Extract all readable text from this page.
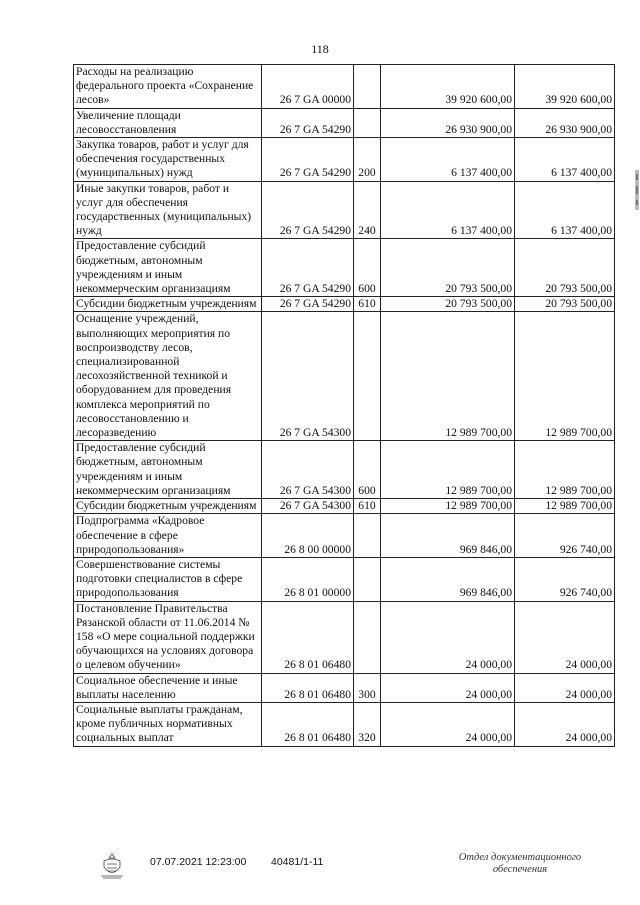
118
Расходы на реализацию федерального проекта «Сохранение лесов»	26 7 GA 00000		39 920 600,00	39 920 600,00
Увеличение площади лесовосстановления	26 7 GA 54290		26 930 900,00	26 930 900,00
Закупка товаров, работ и услуг для обеспечения государственных (муниципальных) нужд	26 7 GA 54290	200	6 137 400,00	6 137 400,00
Иные закупки товаров, работ и услуг для обеспечения государственных (муниципальных) нужд	26 7 GA 54290	240	6 137 400,00	6 137 400,00
Предоставление субсидий бюджетным, автономным учреждениям и иным некоммерческим организациям	26 7 GA 54290	600	20 793 500,00	20 793 500,00
Субсидии бюджетным учреждениям	26 7 GA 54290	610	20 793 500,00	20 793 500,00
Оснащение учреждений, выполняющих мероприятия по воспроизводству лесов, специализированной лесохозяйственной техникой и оборудованием для проведения комплекса мероприятий по лесовосстановлению и лесоразведению	26 7 GA 54300		12 989 700,00	12 989 700,00
Предоставление субсидий бюджетным, автономным учреждениям и иным некоммерческим организациям	26 7 GA 54300	600	12 989 700,00	12 989 700,00
Субсидии бюджетным учреждениям	26 7 GA 54300	610	12 989 700,00	12 989 700,00
Подпрограмма «Кадровое обеспечение в сфере природопользования»	26 8 00 00000		969 846,00	926 740,00
Совершенствование системы подготовки специалистов в сфере природопользования	26 8 01 00000		969 846,00	926 740,00
Постановление Правительства Рязанской области от 11.06.2014 № 158 «О мере социальной поддержки обучающихся на условиях договора о целевом обучении»	26 8 01 06480		24 000,00	24 000,00
Социальное обеспечение и иные выплаты населению	26 8 01 06480	300	24 000,00	24 000,00
Социальные выплаты гражданам, кроме публичных нормативных социальных выплат	26 8 01 06480	320	24 000,00	24 000,00
07.07.2021 12:23:00 40481/1-11	Отдел документационного
обеспечения
